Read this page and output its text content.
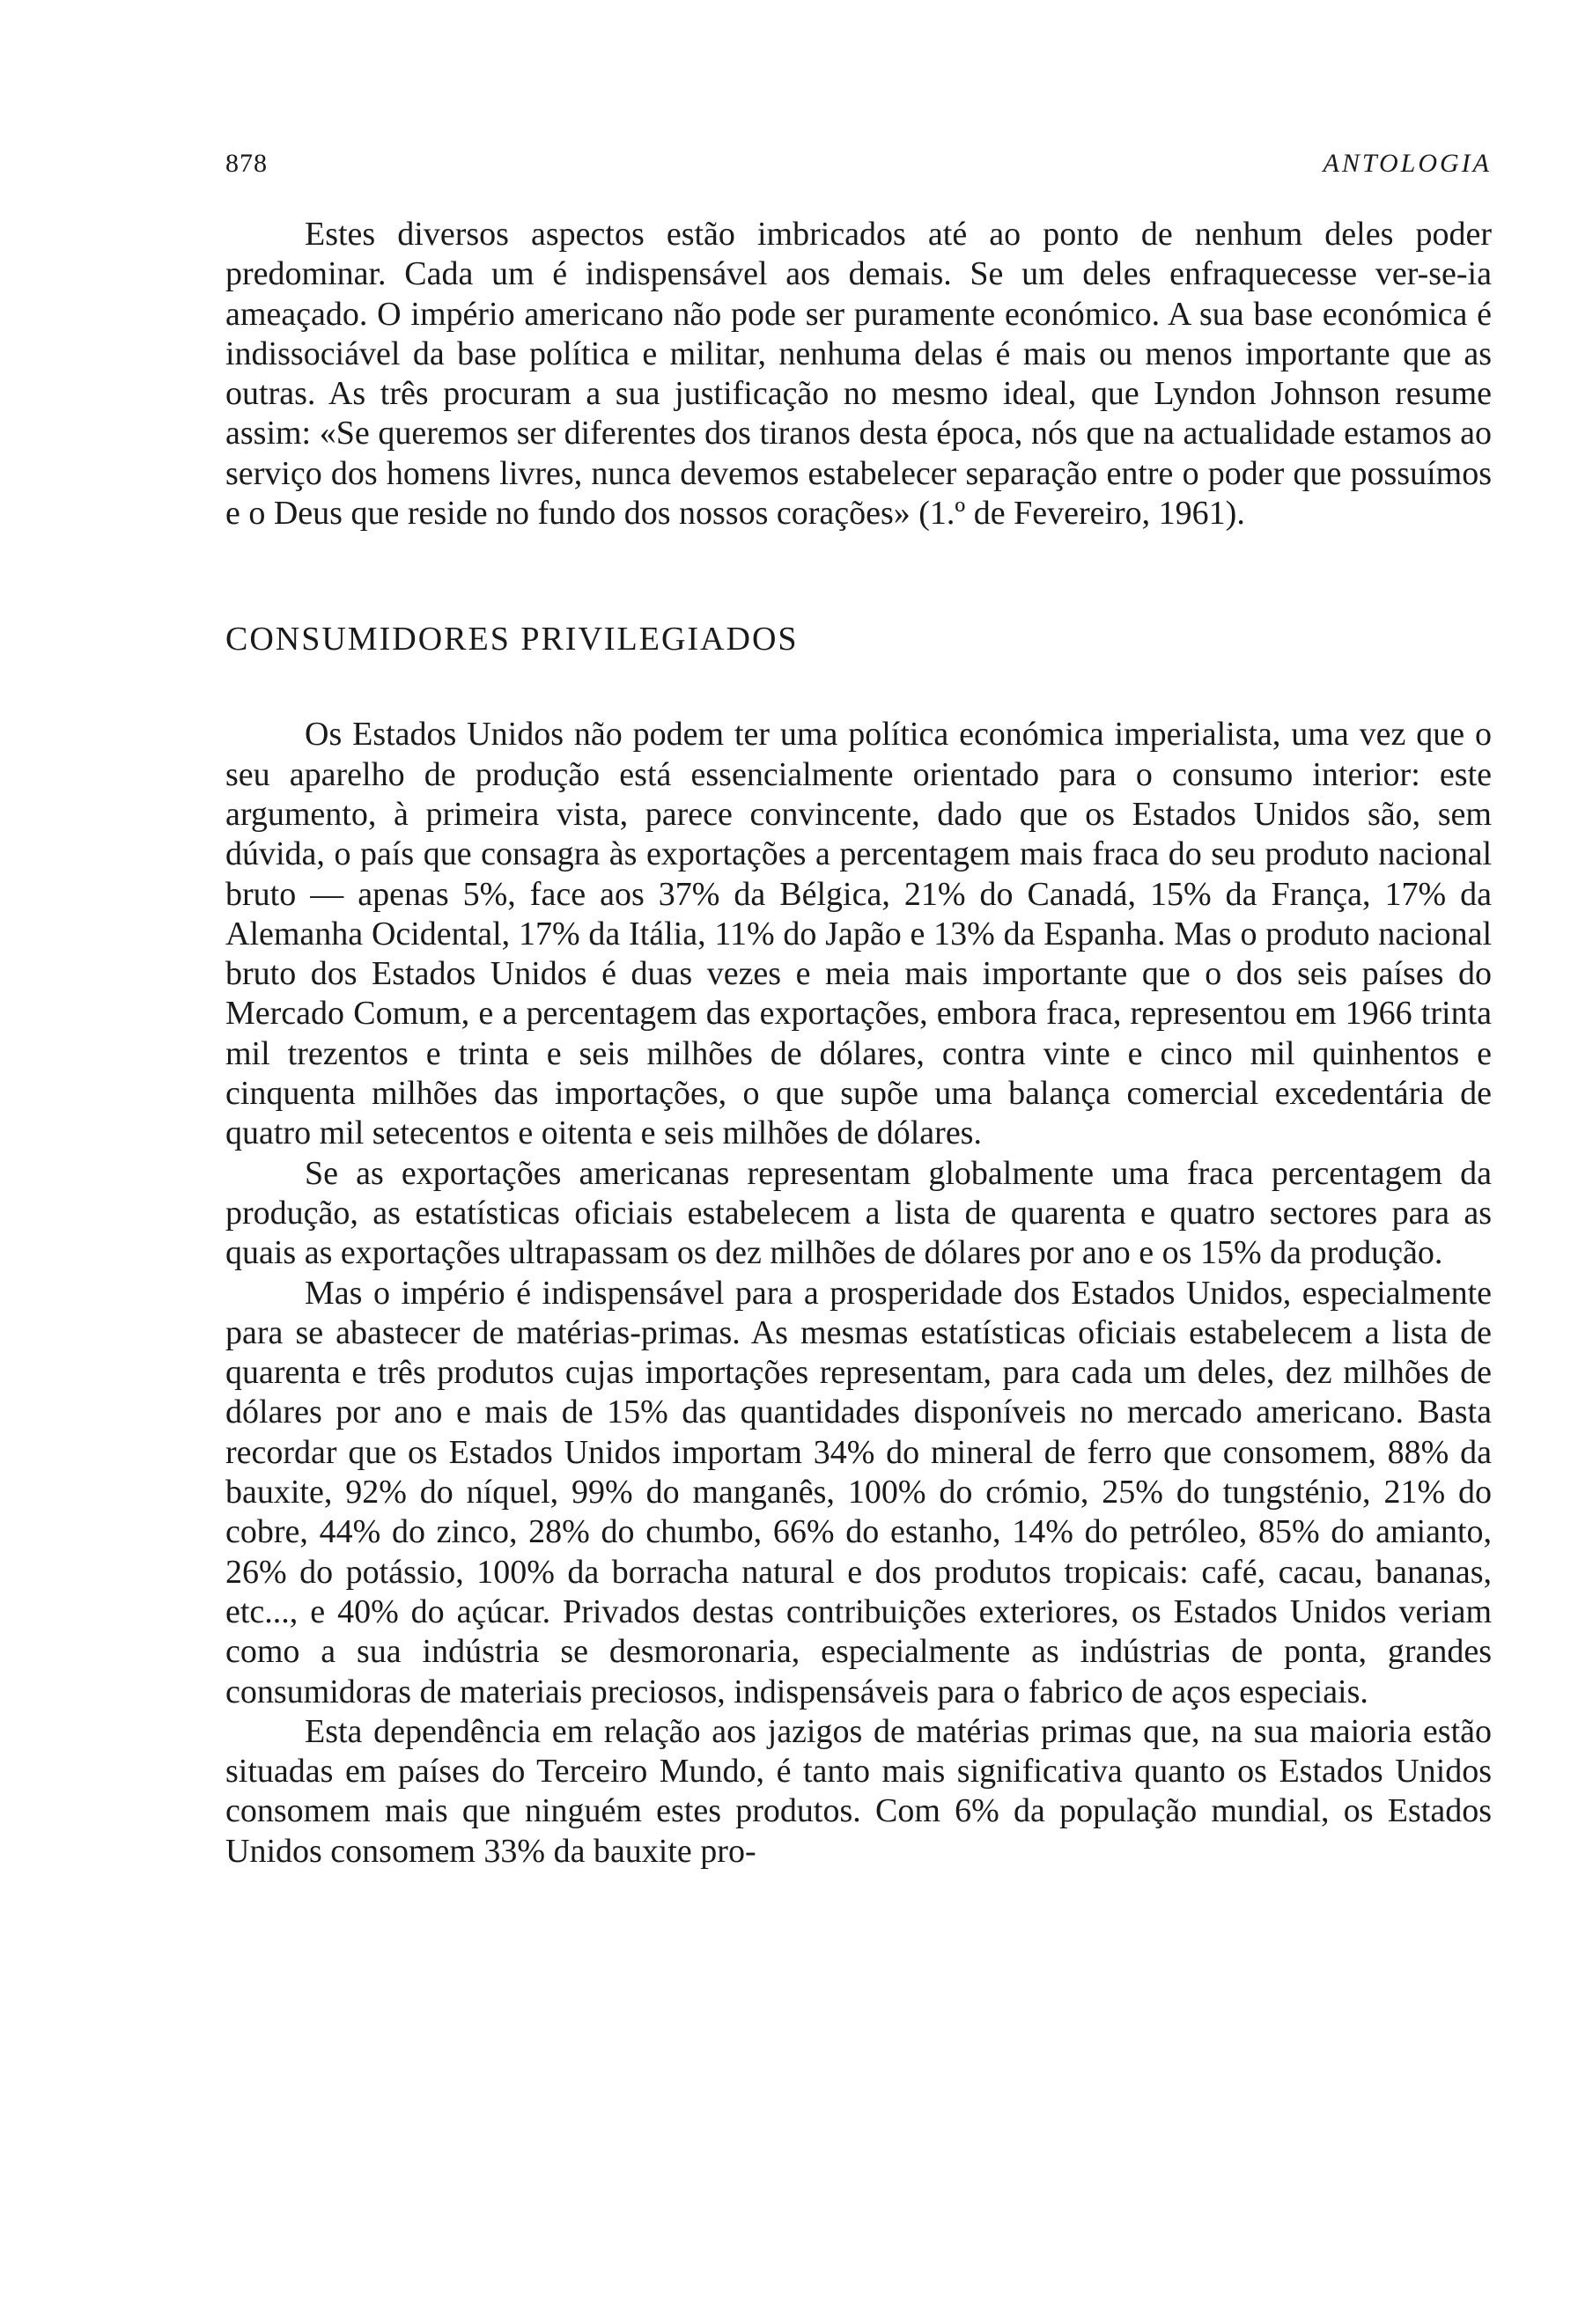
878	ANTOLOGIA

Estes diversos aspectos estão imbricados até ao ponto de nenhum deles poder predominar. Cada um é indispensável aos demais. Se um deles enfraquecesse ver-se-ia ameaçado. O império americano não pode ser puramente económico. A sua base económica é indissociável da base política e militar, nenhuma delas é mais ou menos importante que as outras. As três procuram a sua justificação no mesmo ideal, que Lyndon Johnson resume assim: «Se queremos ser diferentes dos tiranos desta época, nós que na actualidade estamos ao serviço dos homens livres, nunca devemos estabelecer separação entre o poder que possuímos e o Deus que reside no fundo dos nossos corações» (1.º de Fevereiro, 1961).

CONSUMIDORES PRIVILEGIADOS

Os Estados Unidos não podem ter uma política económica imperialista, uma vez que o seu aparelho de produção está essencialmente orientado para o consumo interior: este argumento, à primeira vista, parece convincente, dado que os Estados Unidos são, sem dúvida, o país que consagra às exportações a percentagem mais fraca do seu produto nacional bruto — apenas 5%, face aos 37% da Bélgica, 21% do Canadá, 15% da França, 17% da Alemanha Ocidental, 17% da Itália, 11% do Japão e 13% da Espanha. Mas o produto nacional bruto dos Estados Unidos é duas vezes e meia mais importante que o dos seis países do Mercado Comum, e a percentagem das exportações, embora fraca, representou em 1966 trinta mil trezentos e trinta e seis milhões de dólares, contra vinte e cinco mil quinhentos e cinquenta milhões das importações, o que supõe uma balança comercial excedentária de quatro mil setecentos e oitenta e seis milhões de dólares.

Se as exportações americanas representam globalmente uma fraca percentagem da produção, as estatísticas oficiais estabelecem a lista de quarenta e quatro sectores para as quais as exportações ultrapassam os dez milhões de dólares por ano e os 15% da produção.

Mas o império é indispensável para a prosperidade dos Estados Unidos, especialmente para se abastecer de matérias-primas. As mesmas estatísticas oficiais estabelecem a lista de quarenta e três produtos cujas importações representam, para cada um deles, dez milhões de dólares por ano e mais de 15% das quantidades disponíveis no mercado americano. Basta recordar que os Estados Unidos importam 34% do mineral de ferro que consomem, 88% da bauxite, 92% do níquel, 99% do manganês, 100% do crómio, 25% do tungsténio, 21% do cobre, 44% do zinco, 28% do chumbo, 66% do estanho, 14% do petróleo, 85% do amianto, 26% do potássio, 100% da borracha natural e dos produtos tropicais: café, cacau, bananas, etc..., e 40% do açúcar. Privados destas contribuições exteriores, os Estados Unidos veriam como a sua indústria se desmoronaria, especialmente as indústrias de ponta, grandes consumidoras de materiais preciosos, indispensáveis para o fabrico de aços especiais.

Esta dependência em relação aos jazigos de matérias primas que, na sua maioria estão situadas em países do Terceiro Mundo, é tanto mais significativa quanto os Estados Unidos consomem mais que ninguém estes produtos. Com 6% da população mundial, os Estados Unidos consomem 33% da bauxite pro-
